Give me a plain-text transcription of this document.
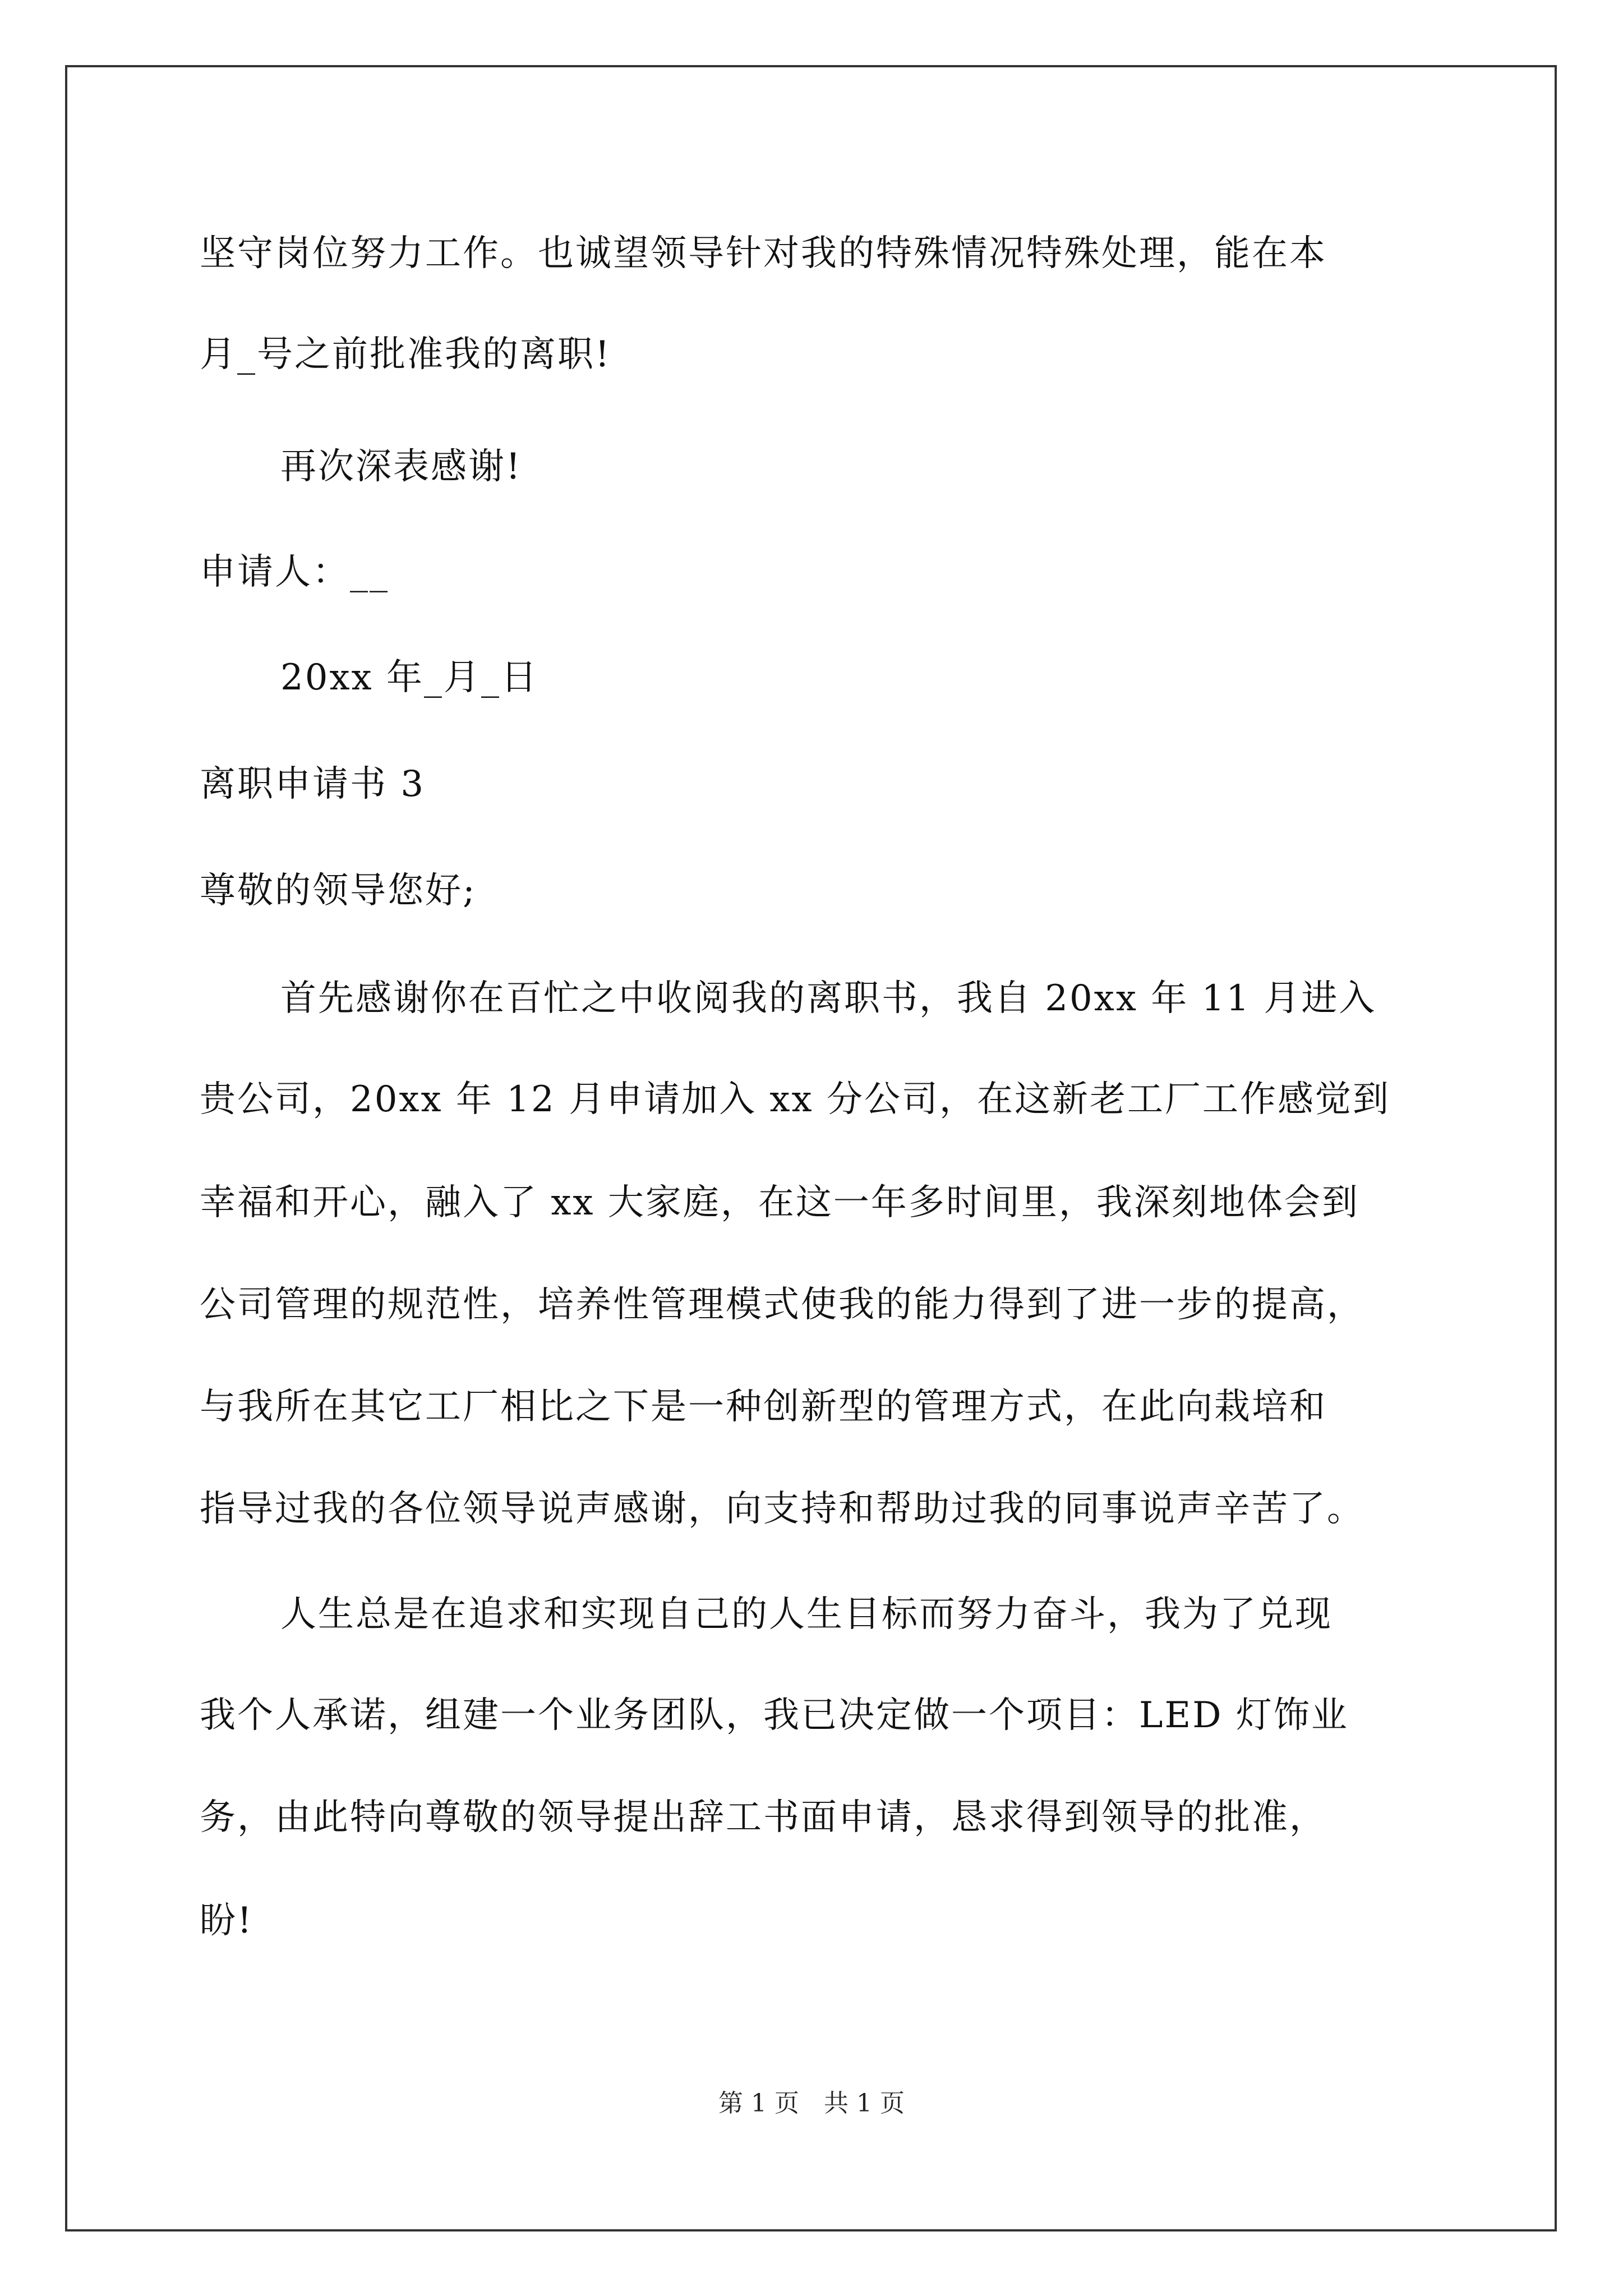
坚守岗位努力工作。也诚望领导针对我的特殊情况特殊处理，能在本
月_号之前批准我的离职!
再次深表感谢!
申请人：__
20xx 年_月_日
离职申请书 3
尊敬的领导您好;
首先感谢你在百忙之中收阅我的离职书，我自 20xx 年 11 月进入
贵公司，20xx 年 12 月申请加入 xx 分公司，在这新老工厂工作感觉到
幸福和开心，融入了 xx 大家庭，在这一年多时间里，我深刻地体会到
公司管理的规范性，培养性管理模式使我的能力得到了进一步的提高，
与我所在其它工厂相比之下是一种创新型的管理方式，在此向栽培和
指导过我的各位领导说声感谢，向支持和帮助过我的同事说声辛苦了。
人生总是在追求和实现自己的人生目标而努力奋斗，我为了兑现
我个人承诺，组建一个业务团队，我已决定做一个项目：LED 灯饰业
务，由此特向尊敬的领导提出辞工书面申请，恳求得到领导的批准，
盼!
第 1 页　共 1 页
